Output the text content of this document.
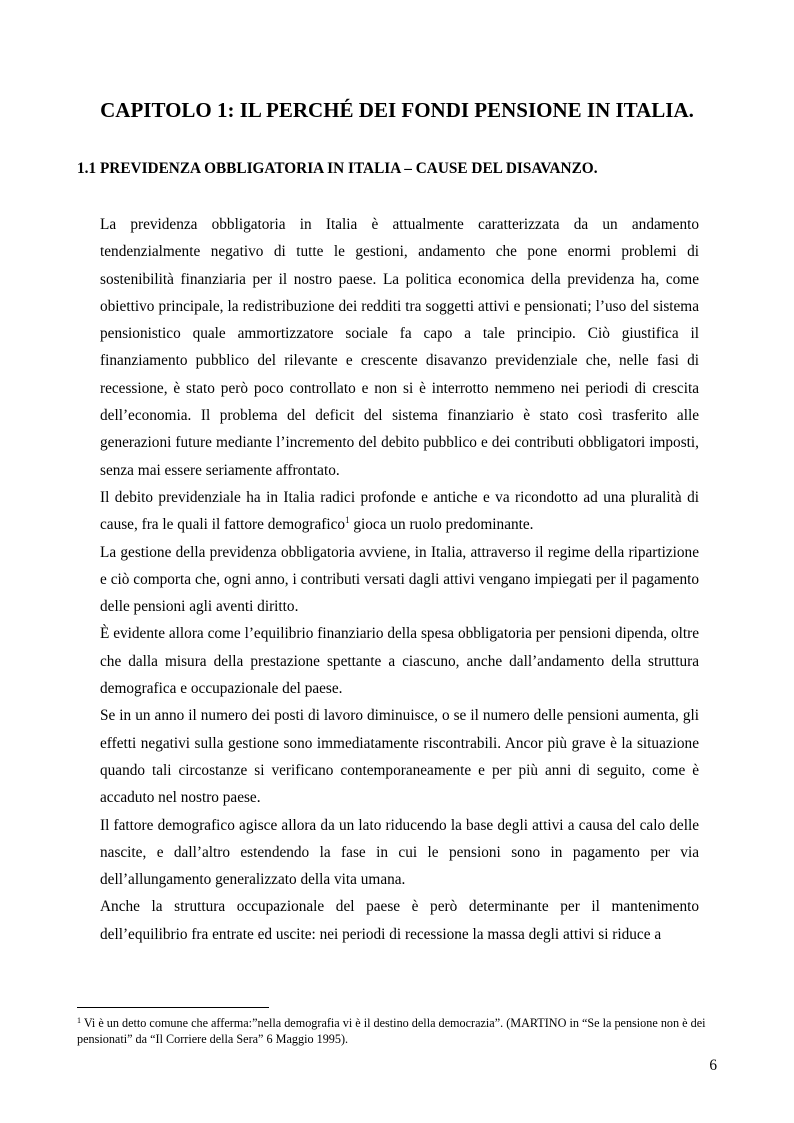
CAPITOLO 1: IL PERCHÉ DEI FONDI PENSIONE IN ITALIA.
1.1 PREVIDENZA OBBLIGATORIA IN ITALIA – CAUSE DEL DISAVANZO.

La previdenza obbligatoria in Italia è attualmente caratterizzata da un andamento tendenzialmente negativo di tutte le gestioni, andamento che pone enormi problemi di sostenibilità finanziaria per il nostro paese. La politica economica della previdenza ha, come obiettivo principale, la redistribuzione dei redditi tra soggetti attivi e pensionati; l’uso del sistema pensionistico quale ammortizzatore sociale fa capo a tale principio. Ciò giustifica il finanziamento pubblico del rilevante e crescente disavanzo previdenziale che, nelle fasi di recessione, è stato però poco controllato e non si è interrotto nemmeno nei periodi di crescita dell’economia. Il problema del deficit del sistema finanziario è stato così trasferito alle generazioni future mediante l’incremento del debito pubblico e dei contributi obbligatori imposti, senza mai essere seriamente affrontato.

Il debito previdenziale ha in Italia radici profonde e antiche e va ricondotto ad una pluralità di cause, fra le quali il fattore demografico$^1$ gioca un ruolo predominante.

La gestione della previdenza obbligatoria avviene, in Italia, attraverso il regime della ripartizione e ciò comporta che, ogni anno, i contributi versati dagli attivi vengano impiegati per il pagamento delle pensioni agli aventi diritto.

È evidente allora come l’equilibrio finanziario della spesa obbligatoria per pensioni dipenda, oltre che dalla misura della prestazione spettante a ciascuno, anche dall’andamento della struttura demografica e occupazionale del paese.

Se in un anno il numero dei posti di lavoro diminuisce, o se il numero delle pensioni aumenta, gli effetti negativi sulla gestione sono immediatamente riscontrabili. Ancor più grave è la situazione quando tali circostanze si verificano contemporaneamente e per più anni di seguito, come è accaduto nel nostro paese.

Il fattore demografico agisce allora da un lato riducendo la base degli attivi a causa del calo delle nascite, e dall’altro estendendo la fase in cui le pensioni sono in pagamento per via dell’allungamento generalizzato della vita umana.

Anche la struttura occupazionale del paese è però determinante per il mantenimento dell’equilibrio fra entrate ed uscite: nei periodi di recessione la massa degli attivi si riduce a

$^1$ Vi è un detto comune che afferma:”nella demografia vi è il destino della democrazia”. (MARTINO in “Se la pensione non è dei pensionati” da “Il Corriere della Sera” 6 Maggio 1995).
6
